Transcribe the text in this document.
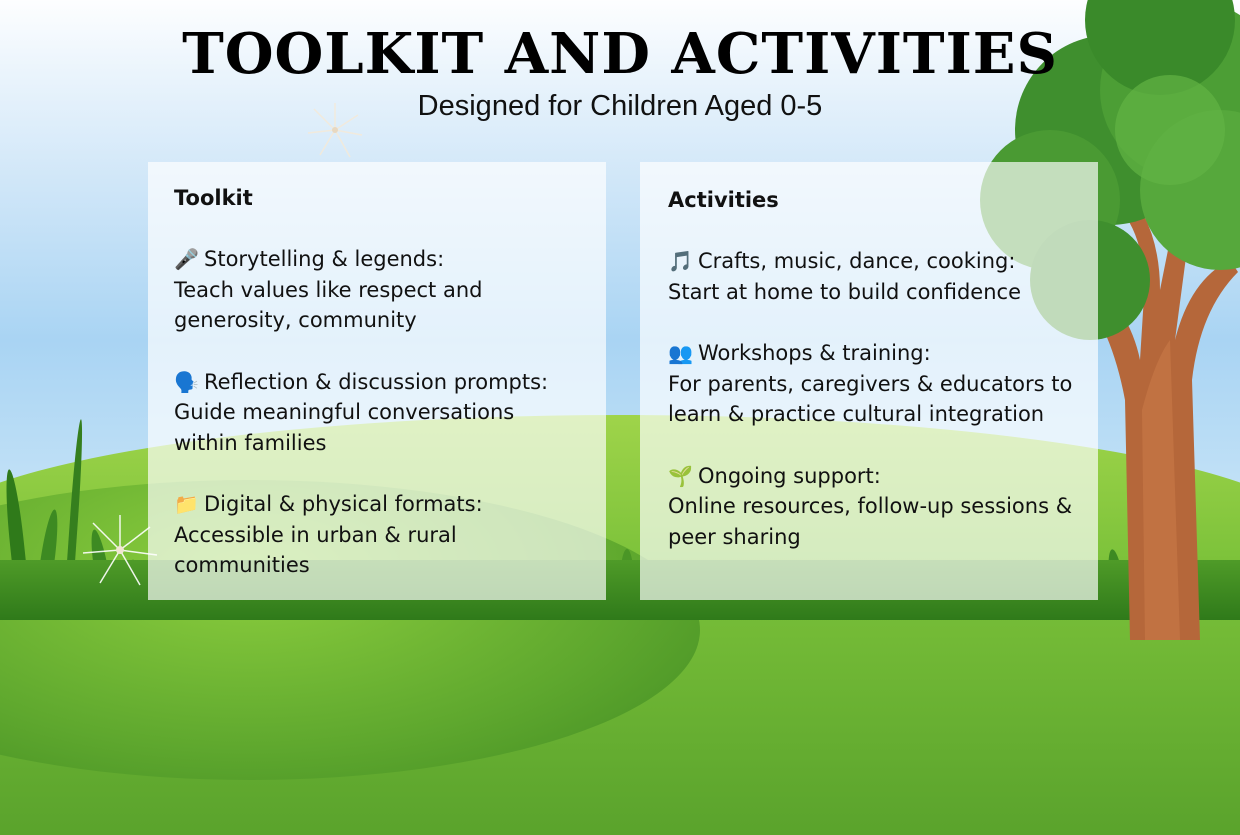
TOOLKIT AND ACTIVITIES
Designed for Children Aged 0-5
Toolkit
🎤 Storytelling & legends:
Teach values like respect and generosity, community
🗣️ Reflection & discussion prompts:
Guide meaningful conversations within families
📁 Digital & physical formats:
Accessible in urban & rural communities
Activities
🎵 Crafts, music, dance, cooking:
Start at home to build confidence
👥 Workshops & training:
For parents, caregivers & educators to learn & practice cultural integration
🌱 Ongoing support:
Online resources, follow-up sessions & peer sharing
